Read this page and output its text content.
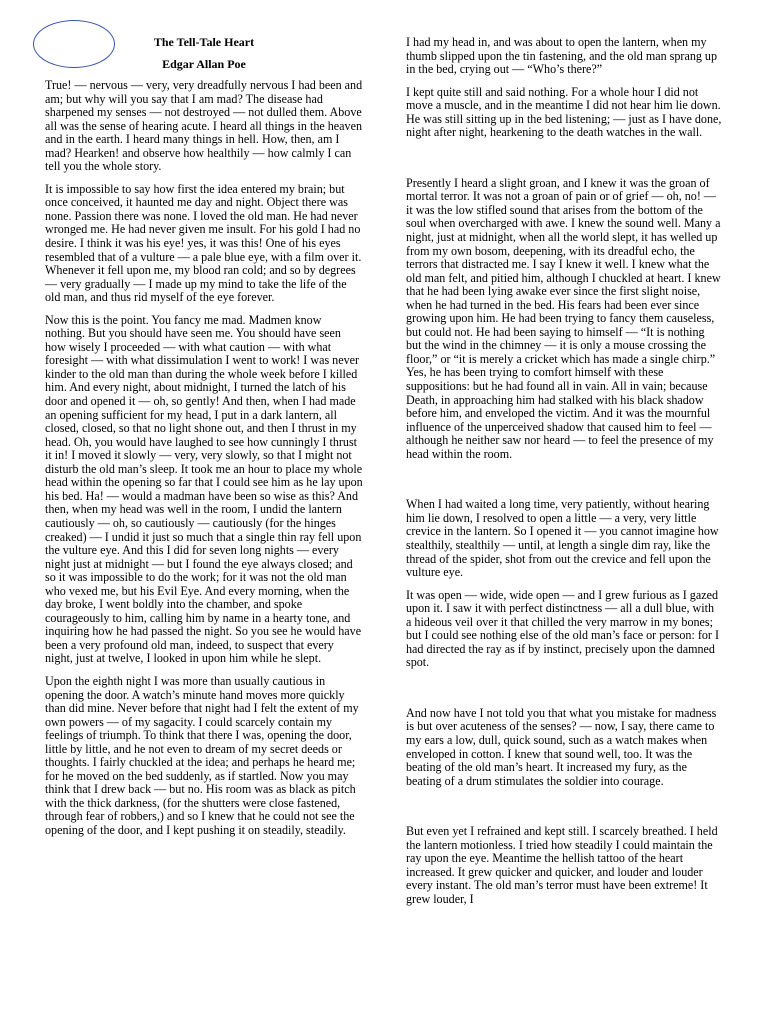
The Tell-Tale Heart
Edgar Allan Poe

True! — nervous — very, very dreadfully nervous I had been and am; but why will you say that I am mad? The disease had sharpened my senses — not destroyed — not dulled them. Above all was the sense of hearing acute. I heard all things in the heaven and in the earth. I heard many things in hell. How, then, am I mad? Hearken! and observe how healthily — how calmly I can tell you the whole story.

It is impossible to say how first the idea entered my brain; but once conceived, it haunted me day and night. Object there was none. Passion there was none. I loved the old man. He had never wronged me. He had never given me insult. For his gold I had no desire. I think it was his eye! yes, it was this! One of his eyes resembled that of a vulture — a pale blue eye, with a film over it. Whenever it fell upon me, my blood ran cold; and so by degrees — very gradually — I made up my mind to take the life of the old man, and thus rid myself of the eye forever.

Now this is the point. You fancy me mad. Madmen know nothing. But you should have seen me. You should have seen how wisely I proceeded — with what caution — with what foresight — with what dissimulation I went to work! I was never kinder to the old man than during the whole week before I killed him. And every night, about midnight, I turned the latch of his door and opened it — oh, so gently! And then, when I had made an opening sufficient for my head, I put in a dark lantern, all closed, closed, so that no light shone out, and then I thrust in my head. Oh, you would have laughed to see how cunningly I thrust it in! I moved it slowly — very, very slowly, so that I might not disturb the old man’s sleep. It took me an hour to place my whole head within the opening so far that I could see him as he lay upon his bed. Ha! — would a madman have been so wise as this? And then, when my head was well in the room, I undid the lantern cautiously — oh, so cautiously — cautiously (for the hinges creaked) — I undid it just so much that a single thin ray fell upon the vulture eye. And this I did for seven long nights — every night just at midnight — but I found the eye always closed; and so it was impossible to do the work; for it was not the old man who vexed me, but his Evil Eye. And every morning, when the day broke, I went boldly into the chamber, and spoke courageously to him, calling him by name in a hearty tone, and inquiring how he had passed the night. So you see he would have been a very profound old man, indeed, to suspect that every night, just at twelve, I looked in upon him while he slept.

Upon the eighth night I was more than usually cautious in opening the door. A watch’s minute hand moves more quickly than did mine. Never before that night had I felt the extent of my own powers — of my sagacity. I could scarcely contain my feelings of triumph. To think that there I was, opening the door, little by little, and he not even to dream of my secret deeds or thoughts. I fairly chuckled at the idea; and perhaps he heard me; for he moved on the bed suddenly, as if startled. Now you may think that I drew back — but no. His room was as black as pitch with the thick darkness, (for the shutters were close fastened, through fear of robbers,) and so I knew that he could not see the opening of the door, and I kept pushing it on steadily, steadily.

I had my head in, and was about to open the lantern, when my thumb slipped upon the tin fastening, and the old man sprang up in the bed, crying out — “Who’s there?”

I kept quite still and said nothing. For a whole hour I did not move a muscle, and in the meantime I did not hear him lie down. He was still sitting up in the bed listening; — just as I have done, night after night, hearkening to the death watches in the wall.

Presently I heard a slight groan, and I knew it was the groan of mortal terror. It was not a groan of pain or of grief — oh, no! — it was the low stifled sound that arises from the bottom of the soul when overcharged with awe. I knew the sound well. Many a night, just at midnight, when all the world slept, it has welled up from my own bosom, deepening, with its dreadful echo, the terrors that distracted me. I say I knew it well. I knew what the old man felt, and pitied him, although I chuckled at heart. I knew that he had been lying awake ever since the first slight noise, when he had turned in the bed. His fears had been ever since growing upon him. He had been trying to fancy them causeless, but could not. He had been saying to himself — “It is nothing but the wind in the chimney — it is only a mouse crossing the floor,” or “it is merely a cricket which has made a single chirp.” Yes, he has been trying to comfort himself with these suppositions: but he had found all in vain. All in vain; because Death, in approaching him had stalked with his black shadow before him, and enveloped the victim. And it was the mournful influence of the unperceived shadow that caused him to feel — although he neither saw nor heard — to feel the presence of my head within the room.

When I had waited a long time, very patiently, without hearing him lie down, I resolved to open a little — a very, very little crevice in the lantern. So I opened it — you cannot imagine how stealthily, stealthily — until, at length a single dim ray, like the thread of the spider, shot from out the crevice and fell upon the vulture eye.

It was open — wide, wide open — and I grew furious as I gazed upon it. I saw it with perfect distinctness — all a dull blue, with a hideous veil over it that chilled the very marrow in my bones; but I could see nothing else of the old man’s face or person: for I had directed the ray as if by instinct, precisely upon the damned spot.

And now have I not told you that what you mistake for madness is but over acuteness of the senses? — now, I say, there came to my ears a low, dull, quick sound, such as a watch makes when enveloped in cotton. I knew that sound well, too. It was the beating of the old man’s heart. It increased my fury, as the beating of a drum stimulates the soldier into courage.

But even yet I refrained and kept still. I scarcely breathed. I held the lantern motionless. I tried how steadily I could maintain the ray upon the eye. Meantime the hellish tattoo of the heart increased. It grew quicker and quicker, and louder and louder every instant. The old man’s terror must have been extreme! It grew louder, I
